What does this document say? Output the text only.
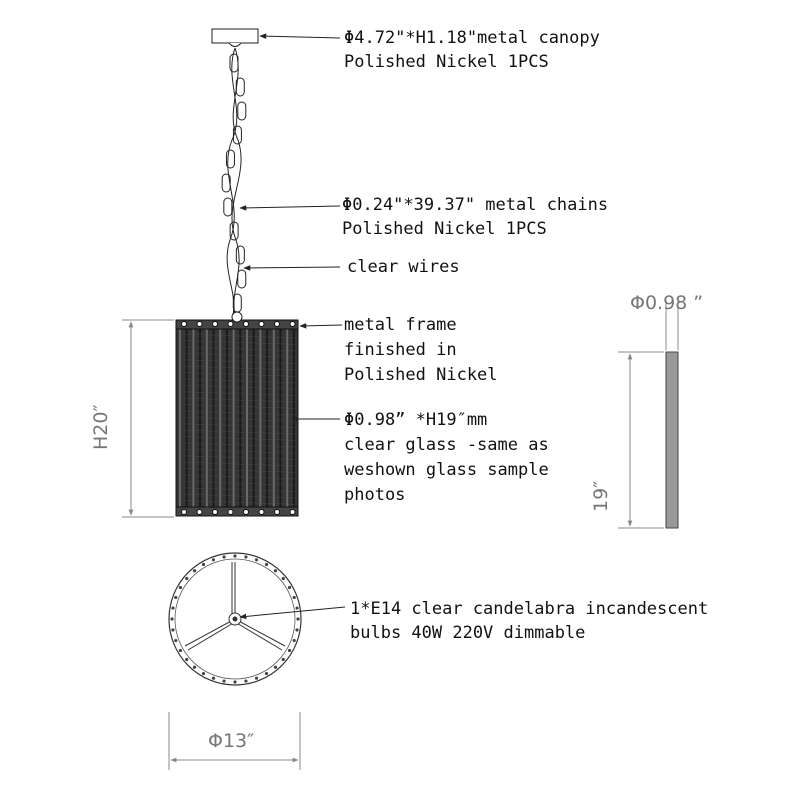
Φ4.72"*H1.18"metal canopy
Polished Nickel 1PCS
Φ0.24"*39.37" metal chains
Polished Nickel 1PCS
clear wires
metal frame
finished in
Polished Nickel
Φ0.98” *H19″mm
clear glass -same as
weshown glass sample
photos
1*E14 clear candelabra incandescent
bulbs 40W 220V dimmable
H20″
Φ13″
Φ0.98 ”
19″
